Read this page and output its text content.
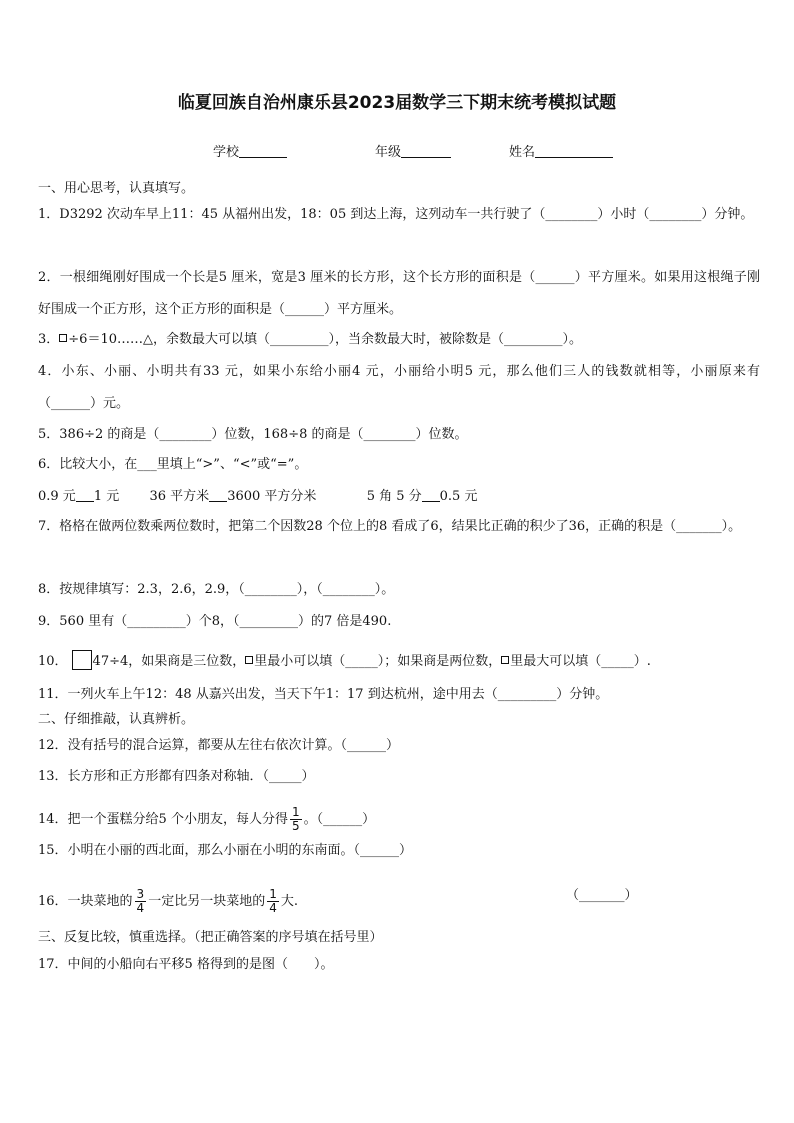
临夏回族自治州康乐县2023届数学三下期末统考模拟试题
学校	年级	姓名
一、用心思考，认真填写。
1．D3292 次动车早上11：45 从福州出发，18：05 到达上海，这列动车一共行驶了（________）小时（________）分钟。
2．一根细绳刚好围成一个长是5 厘米，宽是3 厘米的长方形，这个长方形的面积是（______）平方厘米。如果用这根绳子刚好围成一个正方形，这个正方形的面积是（______）平方厘米。
3． ÷6＝10……△，余数最大可以填（_________），当余数最大时，被除数是（_________）。
4．小东、小丽、小明共有33 元，如果小东给小丽4 元，小丽给小明5 元，那么他们三人的钱数就相等，小丽原来有（______）元。
5．386÷2 的商是（________）位数，168÷8 的商是（________）位数。
6．比较大小，在___里填上“>”、“<”或“=”。
0.9 元 1 元 36 平方米 3600 平方分米	5 角 5 分 0.5 元
7．格格在做两位数乘两位数时，把第二个因数28 个位上的8 看成了6，结果比正确的积少了36，正确的积是（_______）。
8．按规律填写：2.3，2.6，2.9，（________），（________）。
9．560 里有（_________）个8，（_________）的7 倍是490.
10． 47÷4，如果商是三位数， 里最小可以填（_____）；如果商是两位数， 里最大可以填（_____）.
11．一列火车上午12：48 从嘉兴出发，当天下午1：17 到达杭州，途中用去（_________）分钟。
二、仔细推敲，认真辨析。
12．没有括号的混合运算，都要从左往右依次计算。（______）
13．长方形和正方形都有四条对称轴．（_____）
14．把一个蛋糕分给5 个小朋友，每人分得 $\frac{1}{5}$ 。（______）
15．小明在小丽的西北面，那么小丽在小明的东南面。（______）
16．一块菜地的 $\frac{3}{4}$ 一定比另一块菜地的 $\frac{1}{4}$ 大.	（_______）
三、反复比较，慎重选择。（把正确答案的序号填在括号里）
17．中间的小船向右平移5 格得到的是图（　　）。
